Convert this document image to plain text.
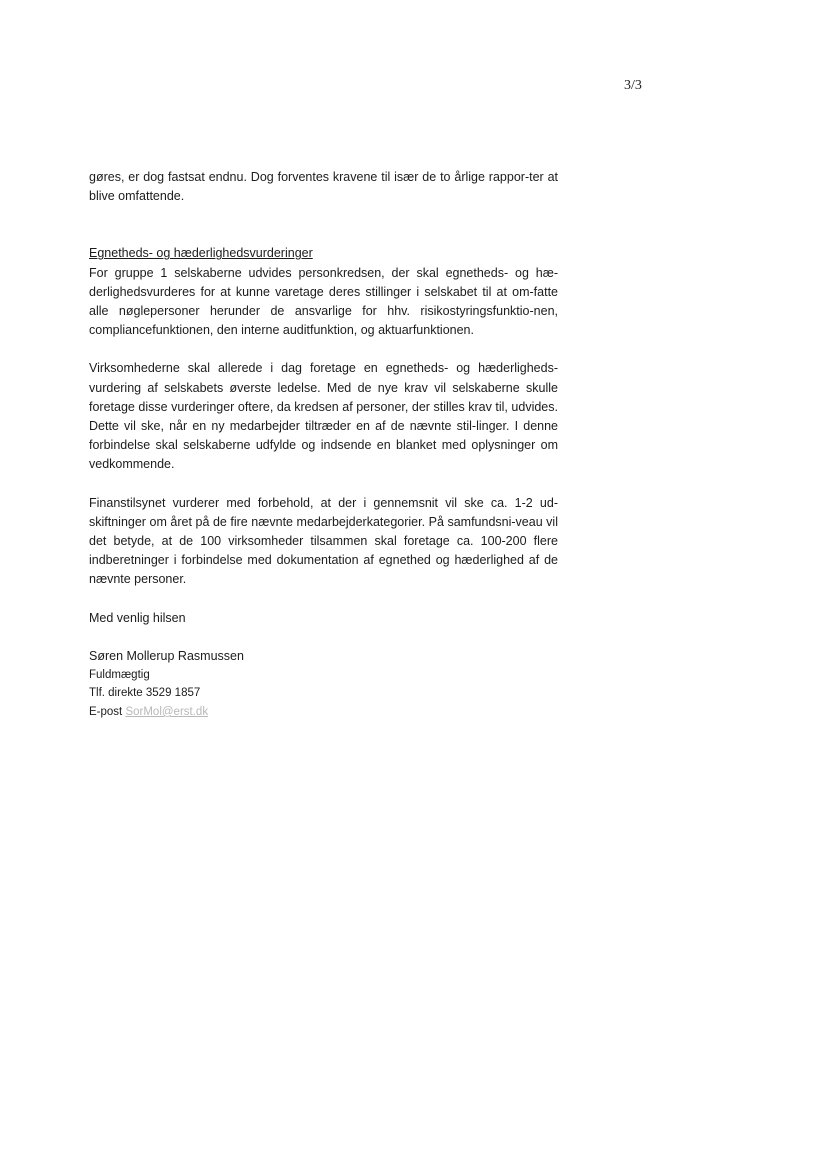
3/3

gøres, er dog fastsat endnu. Dog forventes kravene til især de to årlige rappor-ter at blive omfattende.

Egnetheds- og hæderlighedsvurderinger

For gruppe 1 selskaberne udvides personkredsen, der skal egnetheds- og hæ-derlighedsvurderes for at kunne varetage deres stillinger i selskabet til at om-fatte alle nøglepersoner herunder de ansvarlige for hhv. risikostyringsfunktio-nen, compliancefunktionen, den interne auditfunktion, og aktuarfunktionen.

Virksomhederne skal allerede i dag foretage en egnetheds- og hæderligheds-vurdering af selskabets øverste ledelse. Med de nye krav vil selskaberne skulle foretage disse vurderinger oftere, da kredsen af personer, der stilles krav til, udvides. Dette vil ske, når en ny medarbejder tiltræder en af de nævnte stil-linger. I denne forbindelse skal selskaberne udfylde og indsende en blanket med oplysninger om vedkommende.

Finanstilsynet vurderer med forbehold, at der i gennemsnit vil ske ca. 1-2 ud-skiftninger om året på de fire nævnte medarbejderkategorier. På samfundsni-veau vil det betyde, at de 100 virksomheder tilsammen skal foretage ca. 100-200 flere indberetninger i forbindelse med dokumentation af egnethed og hæderlighed af de nævnte personer.

Med venlig hilsen

Søren Mollerup Rasmussen

Fuldmægtig

Tlf. direkte 3529 1857

E-post SorMol@erst.dk
